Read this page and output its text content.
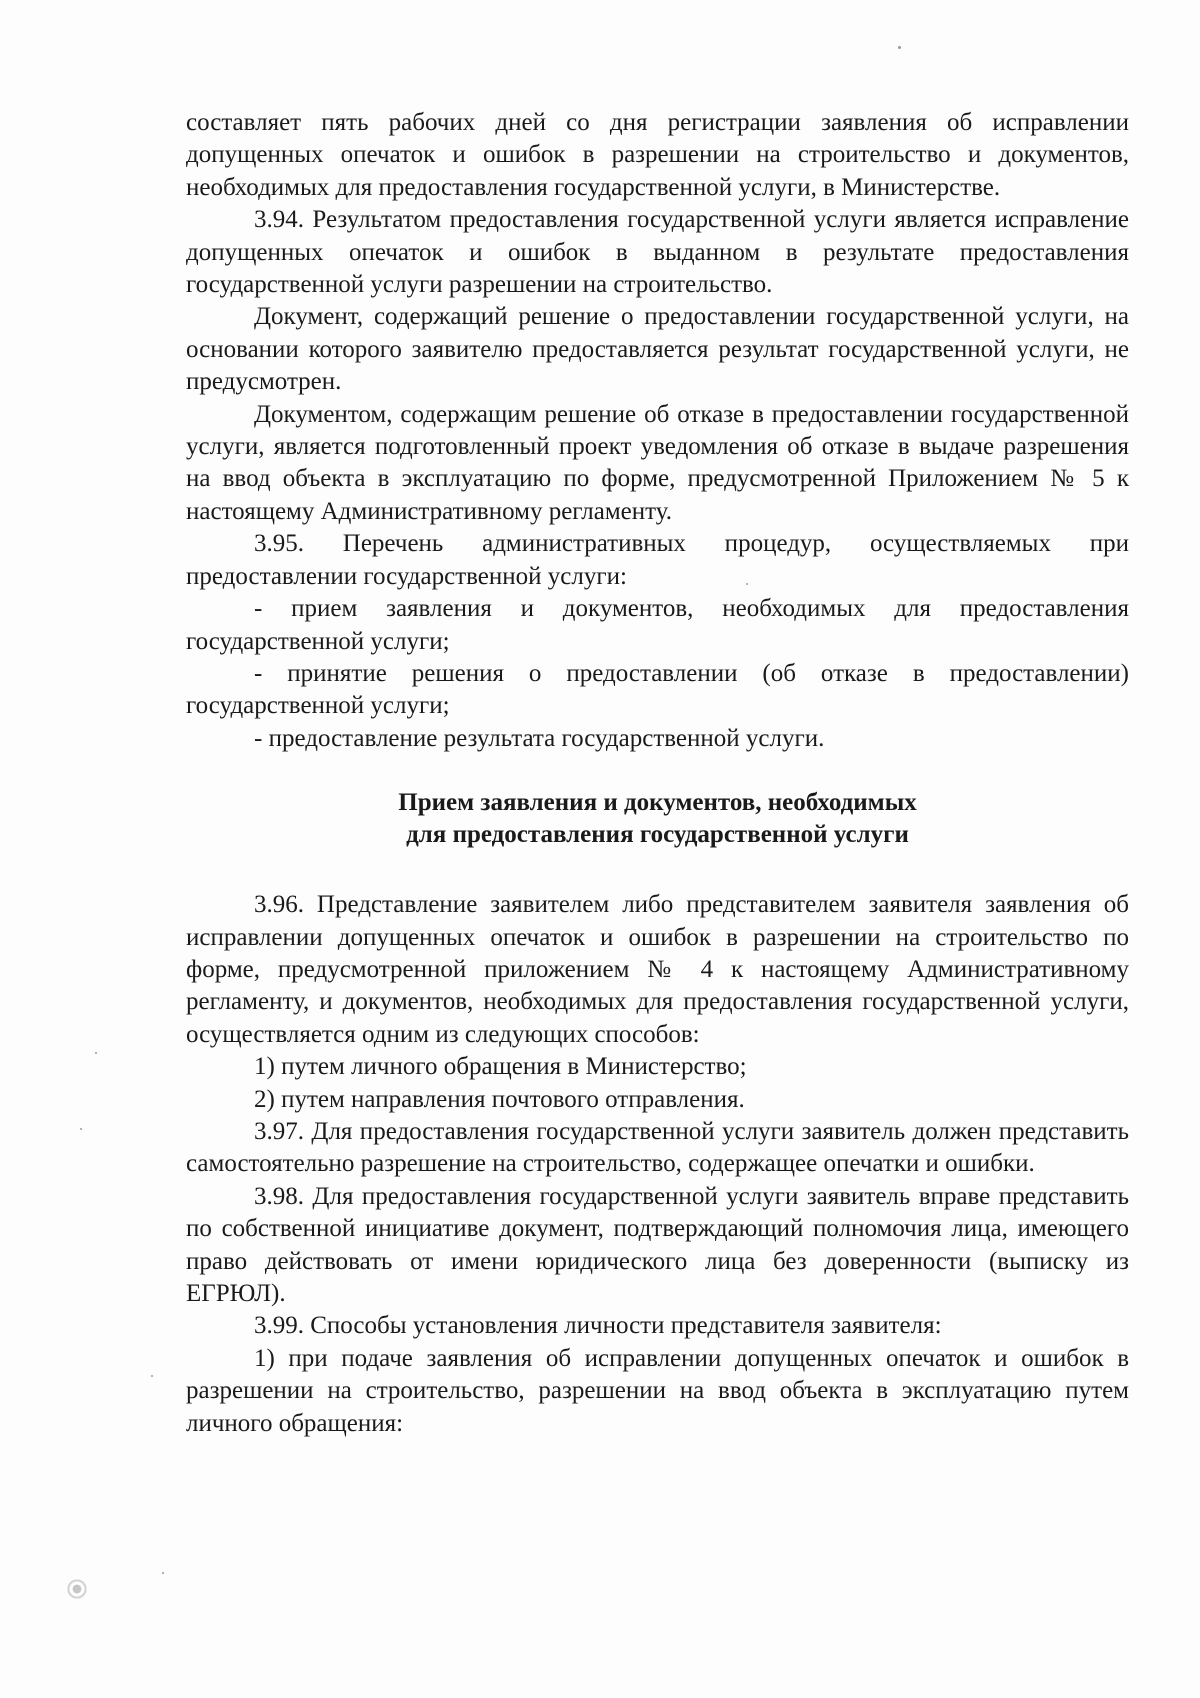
составляет пять рабочих дней со дня регистрации заявления об исправлении допущенных опечаток и ошибок в разрешении на строительство и документов, необходимых для предоставления государственной услуги, в Министерстве.

3.94. Результатом предоставления государственной услуги является исправление допущенных опечаток и ошибок в выданном в результате предоставления государственной услуги разрешении на строительство.

Документ, содержащий решение о предоставлении государственной услуги, на основании которого заявителю предоставляется результат государственной услуги, не предусмотрен.

Документом, содержащим решение об отказе в предоставлении государственной услуги, является подготовленный проект уведомления об отказе в выдаче разрешения на ввод объекта в эксплуатацию по форме, предусмотренной Приложением № 5 к настоящему Административному регламенту.

3.95. Перечень административных процедур, осуществляемых при предоставлении государственной услуги:

- прием заявления и документов, необходимых для предоставления государственной услуги;

- принятие решения о предоставлении (об отказе в предоставлении) государственной услуги;

- предоставление результата государственной услуги.

Прием заявления и документов, необходимых
для предоставления государственной услуги

3.96. Представление заявителем либо представителем заявителя заявления об исправлении допущенных опечаток и ошибок в разрешении на строительство по форме, предусмотренной приложением № 4 к настоящему Административному регламенту, и документов, необходимых для предоставления государственной услуги, осуществляется одним из следующих способов:

1) путем личного обращения в Министерство;

2) путем направления почтового отправления.

3.97. Для предоставления государственной услуги заявитель должен представить самостоятельно разрешение на строительство, содержащее опечатки и ошибки.

3.98. Для предоставления государственной услуги заявитель вправе представить по собственной инициативе документ, подтверждающий полномочия лица, имеющего право действовать от имени юридического лица без доверенности (выписку из ЕГРЮЛ).

3.99. Способы установления личности представителя заявителя:

1) при подаче заявления об исправлении допущенных опечаток и ошибок в разрешении на строительство, разрешении на ввод объекта в эксплуатацию путем личного обращения:
